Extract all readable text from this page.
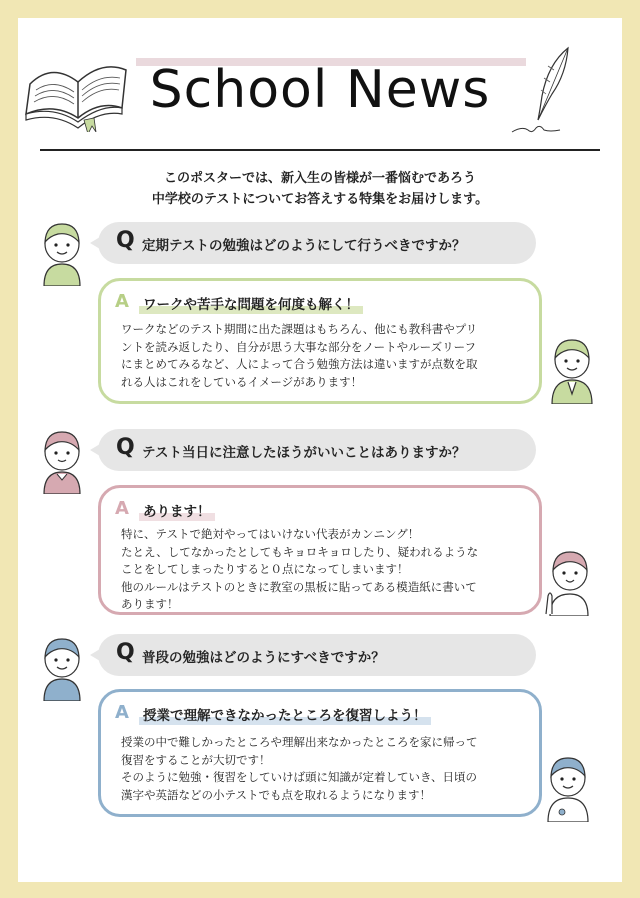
School News
このポスターでは、新入生の皆様が一番悩むであろう
中学校のテストについてお答えする特集をお届けします。
Q 定期テストの勉強はどのようにして行うべきですか？
A ワークや苦手な問題を何度も解く！
ワークなどのテスト期間に出た課題はもちろん、他にも教科書やプリ
ントを読み返したり、自分が思う大事な部分をノートやルーズリーフ
にまとめてみるなど、人によって合う勉強方法は違いますが点数を取
れる人はこれをしているイメージがあります！
Q テスト当日に注意したほうがいいことはありますか？
A あります！
特に、テストで絶対やってはいけない代表がカンニング！
たとえ、してなかったとしてもキョロキョロしたり、疑われるような
ことをしてしまったりすると０点になってしまいます！
他のルールはテストのときに教室の黒板に貼ってある模造紙に書いて
あります！
Q 普段の勉強はどのようにすべきですか？
A 授業で理解できなかったところを復習しよう！
授業の中で難しかったところや理解出来なかったところを家に帰って
復習をすることが大切です！
そのように勉強・復習をしていけば頭に知識が定着していき、日頃の
漢字や英語などの小テストでも点を取れるようになります！
